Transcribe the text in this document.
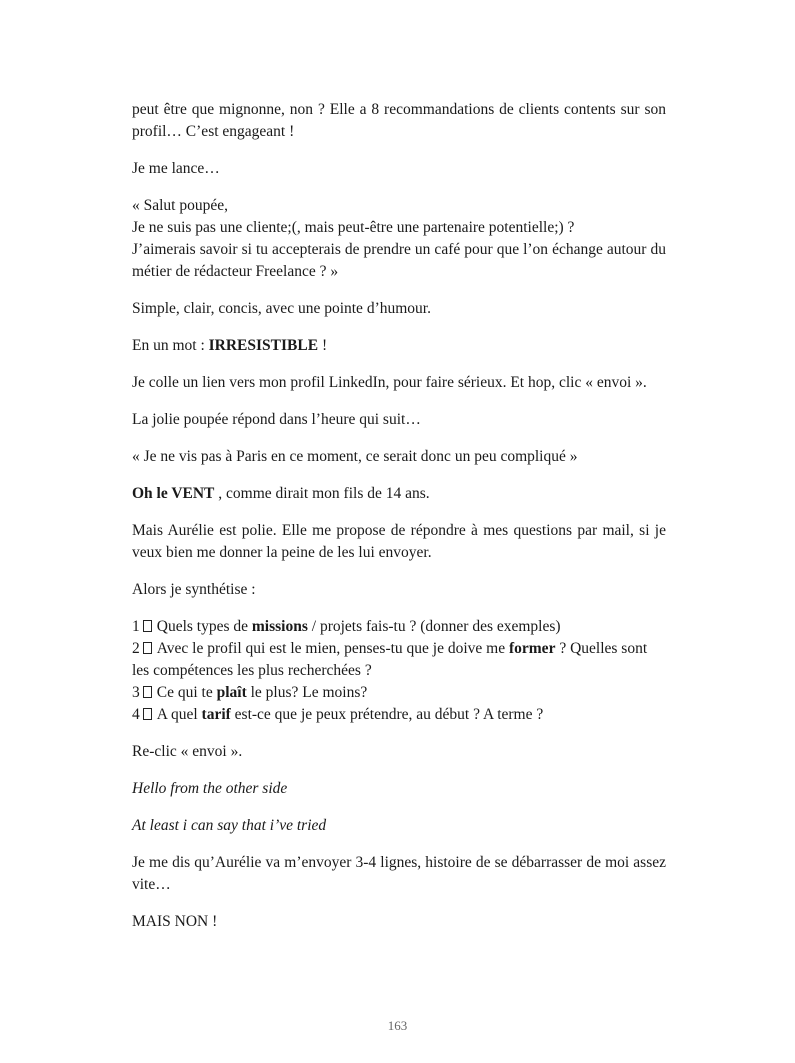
peut être que mignonne, non ? Elle a 8 recommandations de clients contents sur son profil… C’est engageant !

Je me lance…

« Salut poupée,
Je ne suis pas une cliente;(, mais peut-être une partenaire potentielle;) ?
J’aimerais savoir si tu accepterais de prendre un café pour que l’on échange autour du métier de rédacteur Freelance ? »

Simple, clair, concis, avec une pointe d’humour.

En un mot : IRRESISTIBLE !

Je colle un lien vers mon profil LinkedIn, pour faire sérieux. Et hop, clic « envoi ».

La jolie poupée répond dans l’heure qui suit…

« Je ne vis pas à Paris en ce moment, ce serait donc un peu compliqué »

Oh le VENT , comme dirait mon fils de 14 ans.

Mais Aurélie est polie. Elle me propose de répondre à mes questions par mail, si je veux bien me donner la peine de les lui envoyer.

Alors je synthétise :

1 Quels types de missions / projets fais-tu ? (donner des exemples)
2 Avec le profil qui est le mien, penses-tu que je doive me former ? Quelles sont les compétences les plus recherchées ?
3 Ce qui te plaît le plus? Le moins?
4 A quel tarif est-ce que je peux prétendre, au début ? A terme ?

Re-clic « envoi ».

Hello from the other side

At least i can say that i’ve tried

Je me dis qu’Aurélie va m’envoyer 3-4 lignes, histoire de se débarrasser de moi assez vite…

MAIS NON !

163
